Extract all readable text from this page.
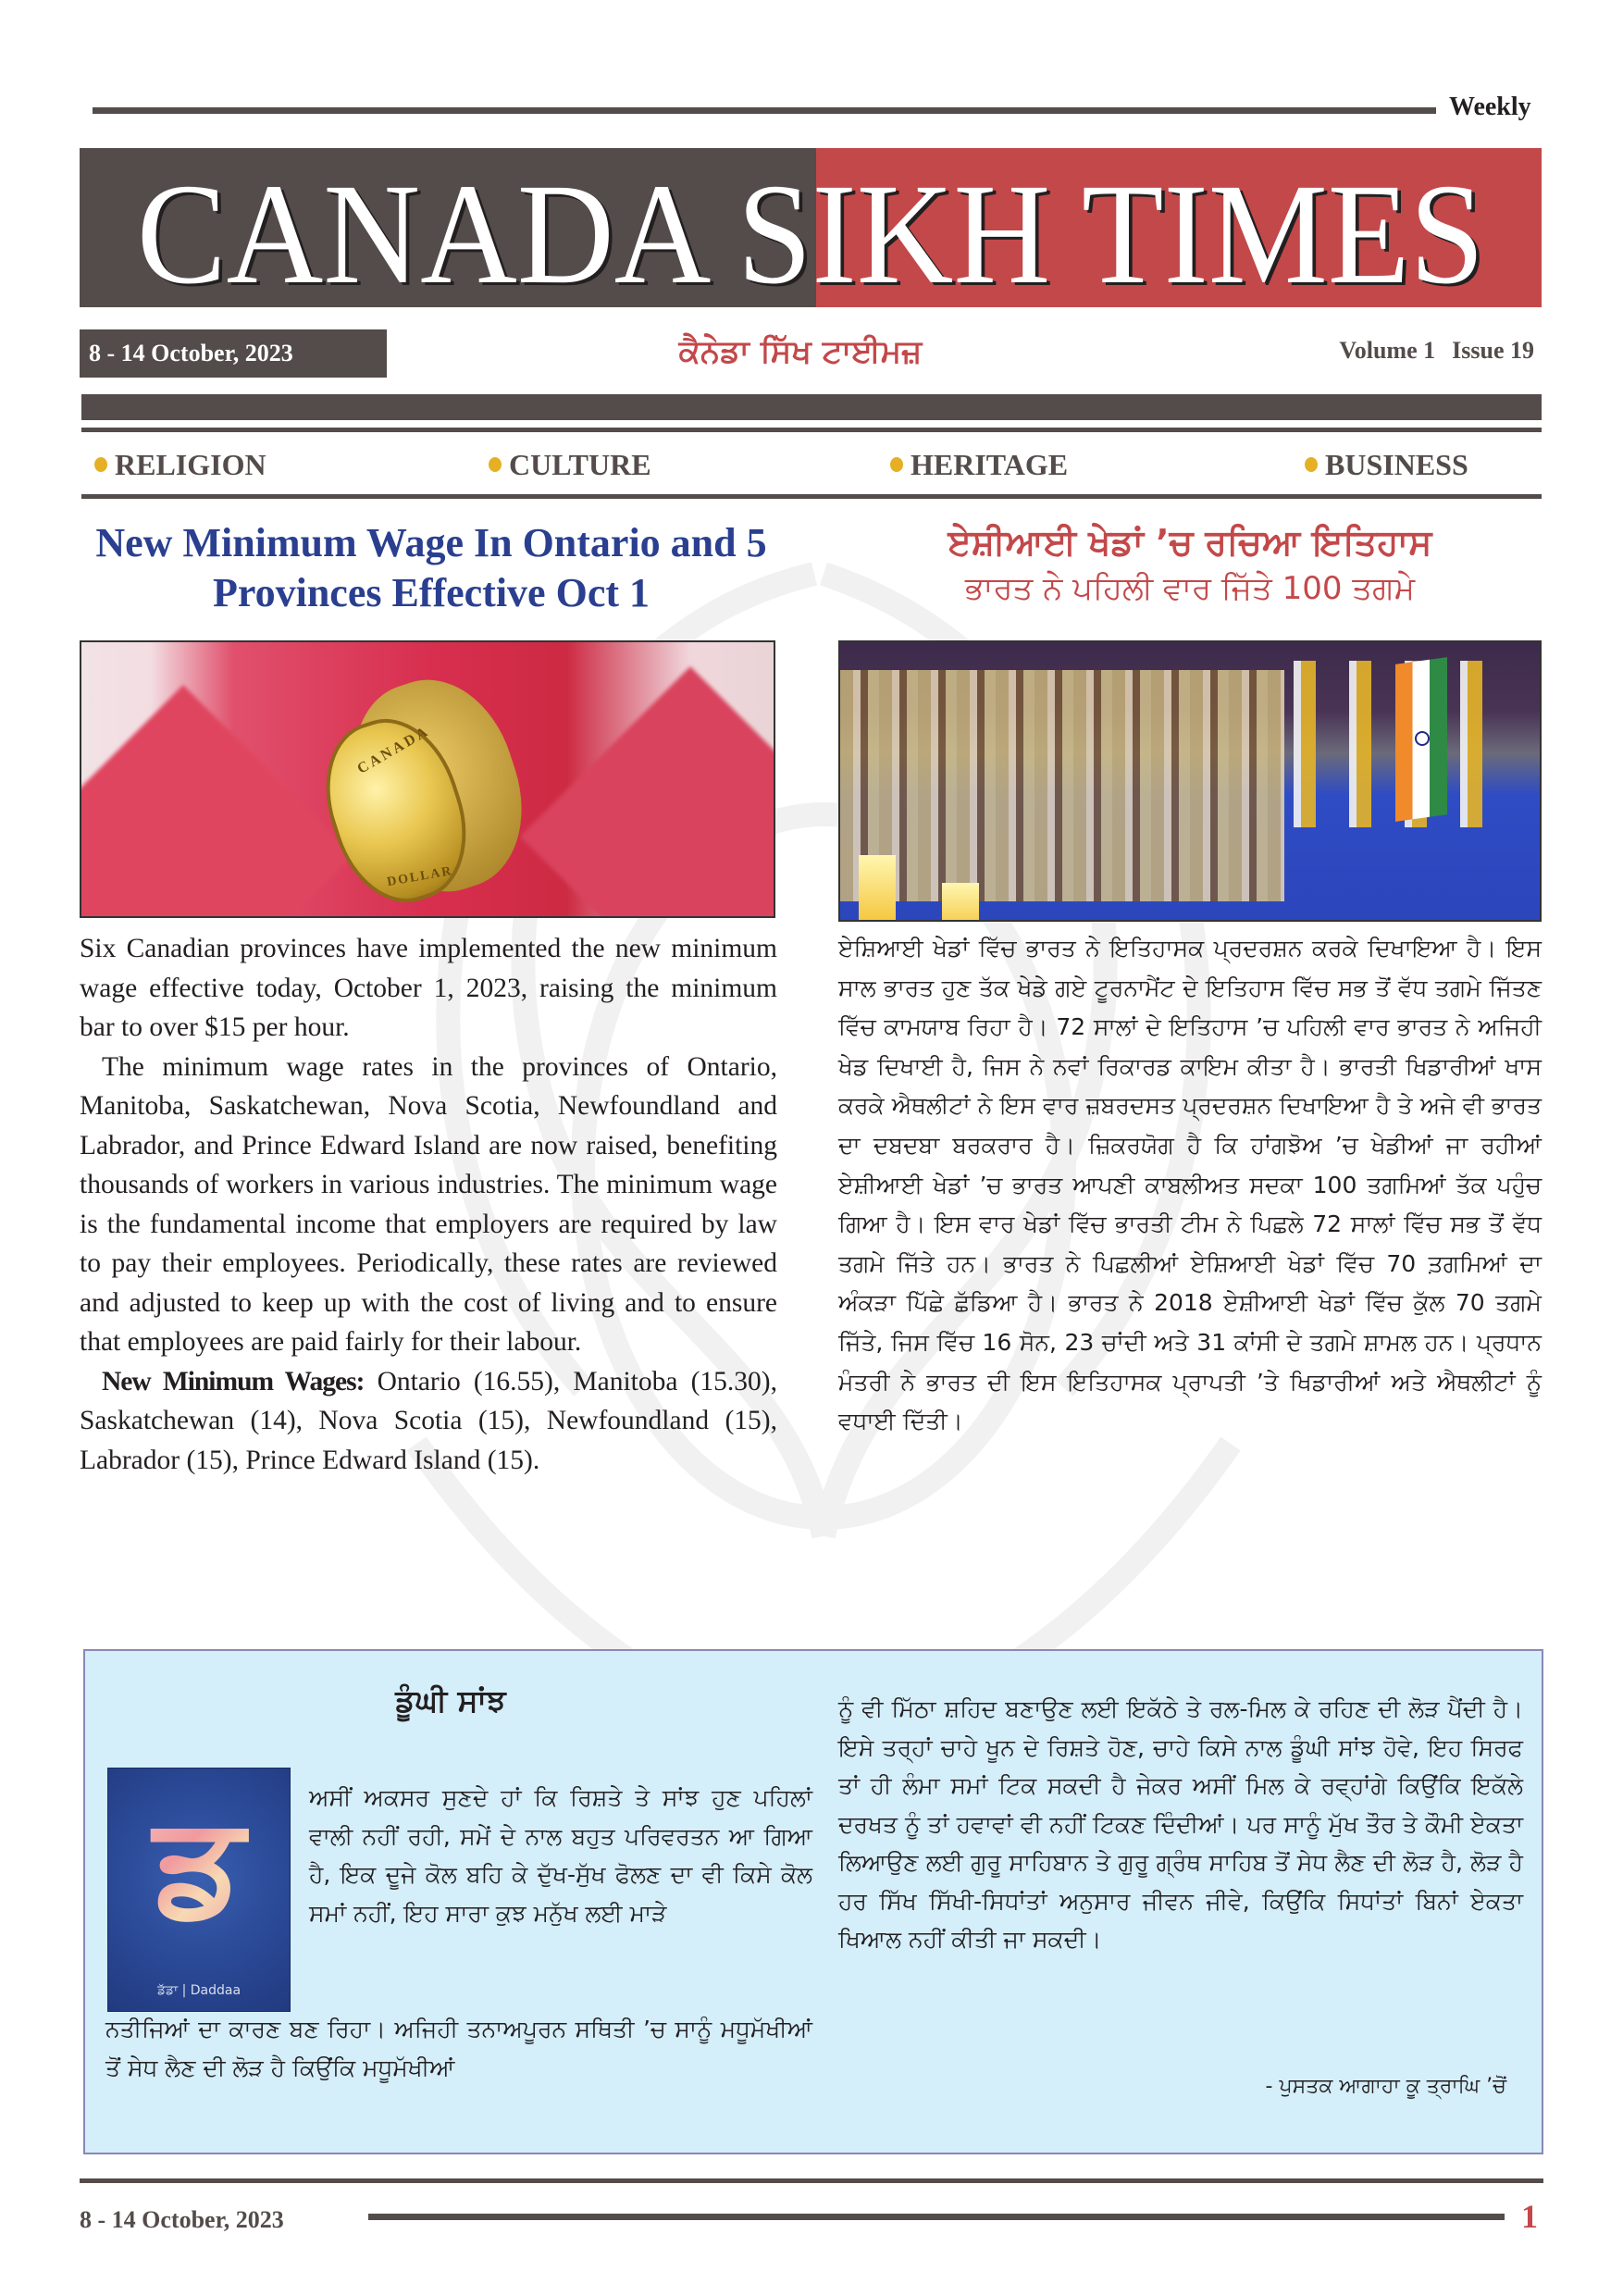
Weekly
CANADA SIKH TIMES
8 - 14 October, 2023	ਕੈਨੇਡਾ ਸਿੱਖ ਟਾਈਮਜ਼	Volume 1 Issue 19
RELIGION	CULTURE	HERITAGE	BUSINESS
New Minimum Wage In Ontario and 5 Provinces Effective Oct 1
CANADA
DOLLAR

Six Canadian provinces have implemented the new minimum wage effective today, October 1, 2023, raising the minimum bar to over $15 per hour.

The minimum wage rates in the provinces of Ontario, Manitoba, Saskatchewan, Nova Scotia, Newfoundland and Labrador, and Prince Edward Island are now raised, benefiting thousands of workers in various industries. The minimum wage is the fundamental income that employers are required by law to pay their employees. Periodically, these rates are reviewed and adjusted to keep up with the cost of living and to ensure that employees are paid fairly for their labour.

New Minimum Wages: Ontario (16.55), Manitoba (15.30), Saskatchewan (14), Nova Scotia (15), Newfoundland (15), Labrador (15), Prince Edward Island (15).

ਏਸ਼ੀਆਈ ਖੇਡਾਂ ’ਚ ਰਚਿਆ ਇਤਿਹਾਸ
ਭਾਰਤ ਨੇ ਪਹਿਲੀ ਵਾਰ ਜਿੱਤੇ 100 ਤਗਮੇ
ਏਸ਼ਿਆਈ ਖੇਡਾਂ ਵਿੱਚ ਭਾਰਤ ਨੇ ਇਤਿਹਾਸਕ ਪ੍ਰਦਰਸ਼ਨ ਕਰਕੇ ਦਿਖਾਇਆ ਹੈ। ਇਸ ਸਾਲ ਭਾਰਤ ਹੁਣ ਤੱਕ ਖੇਡੇ ਗਏ ਟੂਰਨਾਮੈਂਟ ਦੇ ਇਤਿਹਾਸ ਵਿੱਚ ਸਭ ਤੋਂ ਵੱਧ ਤਗਮੇ ਜਿੱਤਣ ਵਿੱਚ ਕਾਮਯਾਬ ਰਿਹਾ ਹੈ। 72 ਸਾਲਾਂ ਦੇ ਇਤਿਹਾਸ ’ਚ ਪਹਿਲੀ ਵਾਰ ਭਾਰਤ ਨੇ ਅਜਿਹੀ ਖੇਡ ਦਿਖਾਈ ਹੈ, ਜਿਸ ਨੇ ਨਵਾਂ ਰਿਕਾਰਡ ਕਾਇਮ ਕੀਤਾ ਹੈ। ਭਾਰਤੀ ਖਿਡਾਰੀਆਂ ਖਾਸ ਕਰਕੇ ਐਥਲੀਟਾਂ ਨੇ ਇਸ ਵਾਰ ਜ਼ਬਰਦਸਤ ਪ੍ਰਦਰਸ਼ਨ ਦਿਖਾਇਆ ਹੈ ਤੇ ਅਜੇ ਵੀ ਭਾਰਤ ਦਾ ਦਬਦਬਾ ਬਰਕਰਾਰ ਹੈ। ਜ਼ਿਕਰਯੋਗ ਹੈ ਕਿ ਹਾਂਗਝੋਅ ’ਚ ਖੇਡੀਆਂ ਜਾ ਰਹੀਆਂ ਏਸ਼ੀਆਈ ਖੇਡਾਂ ’ਚ ਭਾਰਤ ਆਪਣੀ ਕਾਬਲੀਅਤ ਸਦਕਾ 100 ਤਗਮਿਆਂ ਤੱਕ ਪਹੁੰਚ ਗਿਆ ਹੈ। ਇਸ ਵਾਰ ਖੇਡਾਂ ਵਿੱਚ ਭਾਰਤੀ ਟੀਮ ਨੇ ਪਿਛਲੇ 72 ਸਾਲਾਂ ਵਿੱਚ ਸਭ ਤੋਂ ਵੱਧ ਤਗਮੇ ਜਿੱਤੇ ਹਨ। ਭਾਰਤ ਨੇ ਪਿਛਲੀਆਂ ਏਸ਼ਿਆਈ ਖੇਡਾਂ ਵਿੱਚ 70 ਤ਼ਗਮਿਆਂ ਦਾ ਅੰਕੜਾ ਪਿੱਛੇ ਛੱਡਿਆ ਹੈ। ਭਾਰਤ ਨੇ 2018 ਏਸ਼ੀਆਈ ਖੇਡਾਂ ਵਿੱਚ ਕੁੱਲ 70 ਤਗਮੇ ਜਿੱਤੇ, ਜਿਸ ਵਿੱਚ 16 ਸੋਨ, 23 ਚਾਂਦੀ ਅਤੇ 31 ਕਾਂਸੀ ਦੇ ਤਗਮੇ ਸ਼ਾਮਲ ਹਨ। ਪ੍ਰਧਾਨ ਮੰਤਰੀ ਨੇ ਭਾਰਤ ਦੀ ਇਸ ਇਤਿਹਾਸਕ ਪ੍ਰਾਪਤੀ ’ਤੇ ਖਿਡਾਰੀਆਂ ਅਤੇ ਐਥਲੀਟਾਂ ਨੂੰ ਵਧਾਈ ਦਿੱਤੀ।
ਡੂੰਘੀ ਸਾਂਝ
ਡ
ਡੱਡਾ | Daddaa
ਅਸੀਂ ਅਕਸਰ ਸੁਣਦੇ ਹਾਂ ਕਿ ਰਿਸ਼ਤੇ ਤੇ ਸਾਂਝ ਹੁਣ ਪਹਿਲਾਂ ਵਾਲੀ ਨਹੀਂ ਰਹੀ, ਸਮੇਂ ਦੇ ਨਾਲ ਬਹੁਤ ਪਰਿਵਰਤਨ ਆ ਗਿਆ ਹੈ, ਇਕ ਦੂਜੇ ਕੋਲ ਬਹਿ ਕੇ ਦੁੱਖ-ਸੁੱਖ ਫੋਲਣ ਦਾ ਵੀ ਕਿਸੇ ਕੋਲ ਸਮਾਂ ਨਹੀਂ, ਇਹ ਸਾਰਾ ਕੁਝ ਮਨੁੱਖ ਲਈ ਮਾੜੇ
ਨਤੀਜਿਆਂ ਦਾ ਕਾਰਣ ਬਣ ਰਿਹਾ। ਅਜਿਹੀ ਤਨਾਅਪੂਰਨ ਸਥਿਤੀ ’ਚ ਸਾਨੂੰ ਮਧੂਮੱਖੀਆਂ ਤੋਂ ਸੇਧ ਲੈਣ ਦੀ ਲੋੜ ਹੈ ਕਿਉਂਕਿ ਮਧੂਮੱਖੀਆਂ
ਨੂੰ ਵੀ ਮਿੱਠਾ ਸ਼ਹਿਦ ਬਣਾਉਣ ਲਈ ਇਕੱਠੇ ਤੇ ਰਲ-ਮਿਲ ਕੇ ਰਹਿਣ ਦੀ ਲੋੜ ਪੈਂਦੀ ਹੈ। ਇਸੇ ਤਰ੍ਹਾਂ ਚਾਹੇ ਖੂਨ ਦੇ ਰਿਸ਼ਤੇ ਹੋਣ, ਚਾਹੇ ਕਿਸੇ ਨਾਲ ਡੂੰਘੀ ਸਾਂਝ ਹੋਵੇ, ਇਹ ਸਿਰਫ ਤਾਂ ਹੀ ਲੰਮਾ ਸਮਾਂ ਟਿਕ ਸਕਦੀ ਹੈ ਜੇਕਰ ਅਸੀਂ ਮਿਲ ਕੇ ਰਵ੍ਹਾਂਗੇ ਕਿਉਂਕਿ ਇਕੱਲੇ ਦਰਖਤ ਨੂੰ ਤਾਂ ਹਵਾਵਾਂ ਵੀ ਨਹੀਂ ਟਿਕਣ ਦਿੰਦੀਆਂ। ਪਰ ਸਾਨੂੰ ਮੁੱਖ ਤੌਰ ਤੇ ਕੌਮੀ ਏਕਤਾ ਲਿਆਉਣ ਲਈ ਗੁਰੂ ਸਾਹਿਬਾਨ ਤੇ ਗੁਰੂ ਗ੍ਰੰਥ ਸਾਹਿਬ ਤੋਂ ਸੇਧ ਲੈਣ ਦੀ ਲੋੜ ਹੈ, ਲੋੜ ਹੈ ਹਰ ਸਿੱਖ ਸਿੱਖੀ-ਸਿਧਾਂਤਾਂ ਅਨੁਸਾਰ ਜੀਵਨ ਜੀਵੇ, ਕਿਉਂਕਿ ਸਿਧਾਂਤਾਂ ਬਿਨਾਂ ਏਕਤਾ ਖਿਆਲ ਨਹੀਂ ਕੀਤੀ ਜਾ ਸਕਦੀ।
- ਪੁਸਤਕ ਆਗਾਹਾ ਕੂ ਤ੍ਰਾਘਿ ’ਚੋਂ
8 - 14 October, 2023	1
